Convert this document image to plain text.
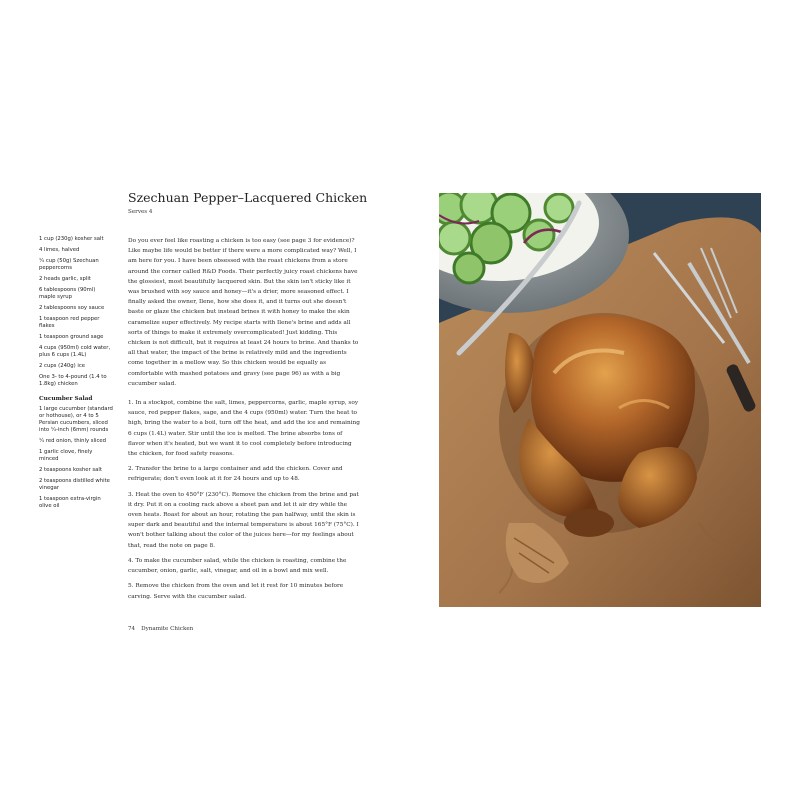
Szechuan Pepper–Lacquered Chicken
Serves 4
1 cup (230g) kosher salt
4 limes, halved
¼ cup (50g) Szechuan peppercorns
2 heads garlic, split
6 tablespoons (90ml) maple syrup
2 tablespoons soy sauce
1 teaspoon red pepper flakes
1 teaspoon ground sage
4 cups (950ml) cold water, plus 6 cups (1.4L)
2 cups (240g) ice
One 3- to 4-pound (1.4 to 1.8kg) chicken
Cucumber Salad
1 large cucumber (standard or hothouse), or 4 to 5 Persian cucumbers, sliced into ¼-inch (6mm) rounds
¼ red onion, thinly sliced
1 garlic clove, finely minced
2 teaspoons kosher salt
2 teaspoons distilled white vinegar
1 teaspoon extra-virgin olive oil

Do you ever feel like roasting a chicken is too easy (see page 3 for evidence)? Like maybe life would be better if there were a more complicated way? Well, I am here for you. I have been obsessed with the roast chickens from a store around the corner called R&D Foods. Their perfectly juicy roast chickens have the glossiest, most beautifully lacquered skin. But the skin isn't sticky like it was brushed with soy sauce and honey—it's a drier, more seasoned effect. I finally asked the owner, Ilene, how she does it, and it turns out she doesn't baste or glaze the chicken but instead brines it with honey to make the skin caramelize super effectively. My recipe starts with Ilene's brine and adds all sorts of things to make it extremely overcomplicated! Just kidding. This chicken is not difficult, but it requires at least 24 hours to brine. And thanks to all that water, the impact of the brine is relatively mild and the ingredients come together in a mellow way. So this chicken would be equally as comfortable with mashed potatoes and gravy (see page 96) as with a big cucumber salad.

1. In a stockpot, combine the salt, limes, peppercorns, garlic, maple syrup, soy sauce, red pepper flakes, sage, and the 4 cups (950ml) water. Turn the heat to high, bring the water to a boil, turn off the heat, and add the ice and remaining 6 cups (1.4L) water. Stir until the ice is melted. The brine absorbs tons of flavor when it's heated, but we want it to cool completely before introducing the chicken, for food safety reasons.

2. Transfer the brine to a large container and add the chicken. Cover and refrigerate; don't even look at it for 24 hours and up to 48.

3. Heat the oven to 450°F (230°C). Remove the chicken from the brine and pat it dry. Put it on a cooling rack above a sheet pan and let it air dry while the oven heats. Roast for about an hour, rotating the pan halfway, until the skin is super dark and beautiful and the internal temperature is about 165°F (75°C). I won't bother talking about the color of the juices here—for my feelings about that, read the note on page 8.

4. To make the cucumber salad, while the chicken is roasting, combine the cucumber, onion, garlic, salt, vinegar, and oil in a bowl and mix well.

5. Remove the chicken from the oven and let it rest for 10 minutes before carving. Serve with the cucumber salad.

74 Dynamite Chicken
